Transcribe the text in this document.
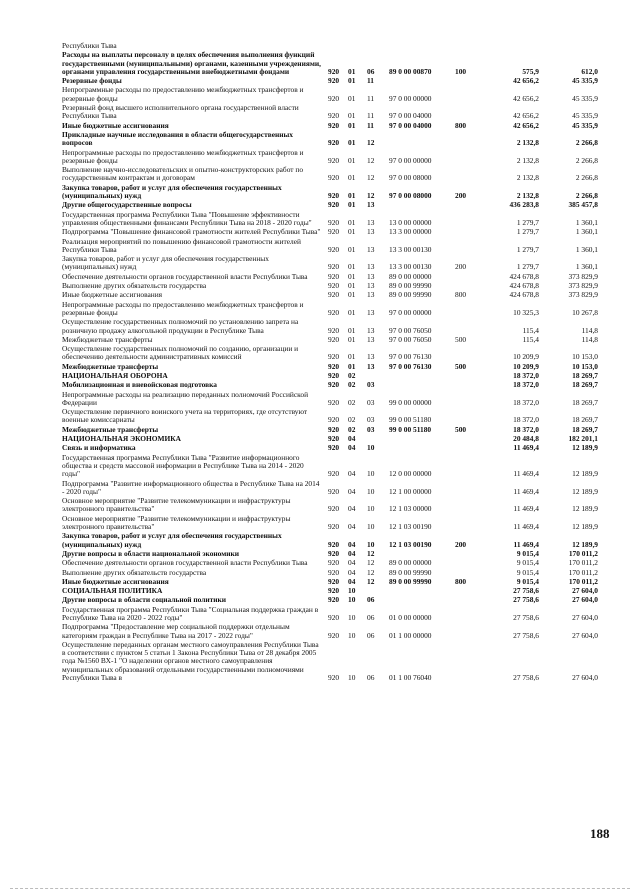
Республики Тыва
Расходы на выплаты персоналу в целях обеспечения выполнения функций государственными (муниципальными) органами, казенными учреждениями, органами управления государственными внебюджетными фондами	920	01	06	89 0 00 00870	100	575,9	612,0
Резервные фонды	920	01	11	42 656,2	45 335,9
Непрограммные расходы по предоставлению межбюджетных трансфертов и резервные фонды	920	01	11	97 0 00 00000	42 656,2	45 335,9
Резервный фонд высшего исполнительного органа государственной власти Республики Тыва	920	01	11	97 0 00 04000	42 656,2	45 335,9
Иные бюджетные ассигнования	920	01	11	97 0 00 04000	800	42 656,2	45 335,9
Прикладные научные исследования в области общегосударственных вопросов	920	01	12	2 132,8	2 266,8
Непрограммные расходы по предоставлению межбюджетных трансфертов и резервные фонды	920	01	12	97 0 00 00000	2 132,8	2 266,8
Выполнение научно-исследовательских и опытно-конструкторских работ по государственным контрактам и договорам	920	01	12	97 0 00 08000	2 132,8	2 266,8
Закупка товаров, работ и услуг для обеспечения государственных (муниципальных) нужд	920	01	12	97 0 00 08000	200	2 132,8	2 266,8
Другие общегосударственные вопросы	920	01	13	436 283,8	385 457,8
Государственная программа Республики Тыва "Повышение эффективности управления общественными финансами Республики Тыва на 2018 - 2020 годы"	920	01	13	13 0 00 00000	1 279,7	1 360,1
Подпрограмма "Повышение финансовой грамотности жителей Республики Тыва"	920	01	13	13 3 00 00000	1 279,7	1 360,1
Реализация мероприятий по повышению финансовой грамотности жителей Республики Тыва	920	01	13	13 3 00 00130	1 279,7	1 360,1
Закупка товаров, работ и услуг для обеспечения государственных (муниципальных) нужд	920	01	13	13 3 00 00130	200	1 279,7	1 360,1
Обеспечение деятельности органов государственной власти Республики Тыва	920	01	13	89 0 00 00000	424 678,8	373 829,9
Выполнение других обязательств государства	920	01	13	89 0 00 99990	424 678,8	373 829,9
Иные бюджетные ассигнования	920	01	13	89 0 00 99990	800	424 678,8	373 829,9
Непрограммные расходы по предоставлению межбюджетных трансфертов и резервные фонды	920	01	13	97 0 00 00000	10 325,3	10 267,8
Осуществление государственных полномочий по установлению запрета на розничную продажу алкогольной продукции в Республике Тыва	920	01	13	97 0 00 76050	115,4	114,8
Межбюджетные трансферты	920	01	13	97 0 00 76050	500	115,4	114,8
Осуществление государственных полномочий по созданию, организации и обеспечению деятельности административных комиссий	920	01	13	97 0 00 76130	10 209,9	10 153,0
Межбюджетные трансферты	920	01	13	97 0 00 76130	500	10 209,9	10 153,0
НАЦИОНАЛЬНАЯ ОБОРОНА	920	02	18 372,0	18 269,7
Мобилизационная и вневойсковая подготовка	920	02	03	18 372,0	18 269,7
Непрограммные расходы на реализацию переданных полномочий Российской Федерации	920	02	03	99 0 00 00000	18 372,0	18 269,7
Осуществление первичного воинского учета на территориях, где отсутствуют военные комиссариаты	920	02	03	99 0 00 51180	18 372,0	18 269,7
Межбюджетные трансферты	920	02	03	99 0 00 51180	500	18 372,0	18 269,7
НАЦИОНАЛЬНАЯ ЭКОНОМИКА	920	04	20 484,8	182 201,1
Связь и информатика	920	04	10	11 469,4	12 189,9
Государственная программа Республики Тыва "Развитие информационного общества и средств массовой информации в Республике Тыва на 2014 - 2020 годы"	920	04	10	12 0 00 00000	11 469,4	12 189,9
Подпрограмма "Развитие информационного общества в Республике Тыва на 2014 - 2020 годы"	920	04	10	12 1 00 00000	11 469,4	12 189,9
Основное мероприятие "Развитие телекоммуникации и инфраструктуры электронного правительства"	920	04	10	12 1 03 00000	11 469,4	12 189,9
Основное мероприятие "Развитие телекоммуникации и инфраструктуры электронного правительства"	920	04	10	12 1 03 00190	11 469,4	12 189,9
Закупка товаров, работ и услуг для обеспечения государственных (муниципальных) нужд	920	04	10	12 1 03 00190	200	11 469,4	12 189,9
Другие вопросы в области национальной экономики	920	04	12	9 015,4	170 011,2
Обеспечение деятельности органов государственной власти Республики Тыва	920	04	12	89 0 00 00000	9 015,4	170 011,2
Выполнение других обязательств государства	920	04	12	89 0 00 99990	9 015,4	170 011,2
Иные бюджетные ассигнования	920	04	12	89 0 00 99990	800	9 015,4	170 011,2
СОЦИАЛЬНАЯ ПОЛИТИКА	920	10	27 758,6	27 604,0
Другие вопросы в области социальной политики	920	10	06	27 758,6	27 604,0
Государственная программа Республики Тыва "Социальная поддержка граждан в Республике Тыва на 2020 - 2022 годы"	920	10	06	01 0 00 00000	27 758,6	27 604,0
Подпрограмма "Предоставление мер социальной поддержки отдельным категориям граждан в Республике Тыва на 2017 - 2022 годы"	920	10	06	01 1 00 00000	27 758,6	27 604,0
Осуществление переданных органам местного самоуправления Республики Тыва в соответствии с пунктом 5 статьи 1 Закона Республики Тыва от 28 декабря 2005 года №1560 ВХ-1 "О наделении органов местного самоуправления муниципальных образований отдельными государственными полномочиями Республики Тыва в	920	10	06	01 1 00 76040	27 758,6	27 604,0
188
